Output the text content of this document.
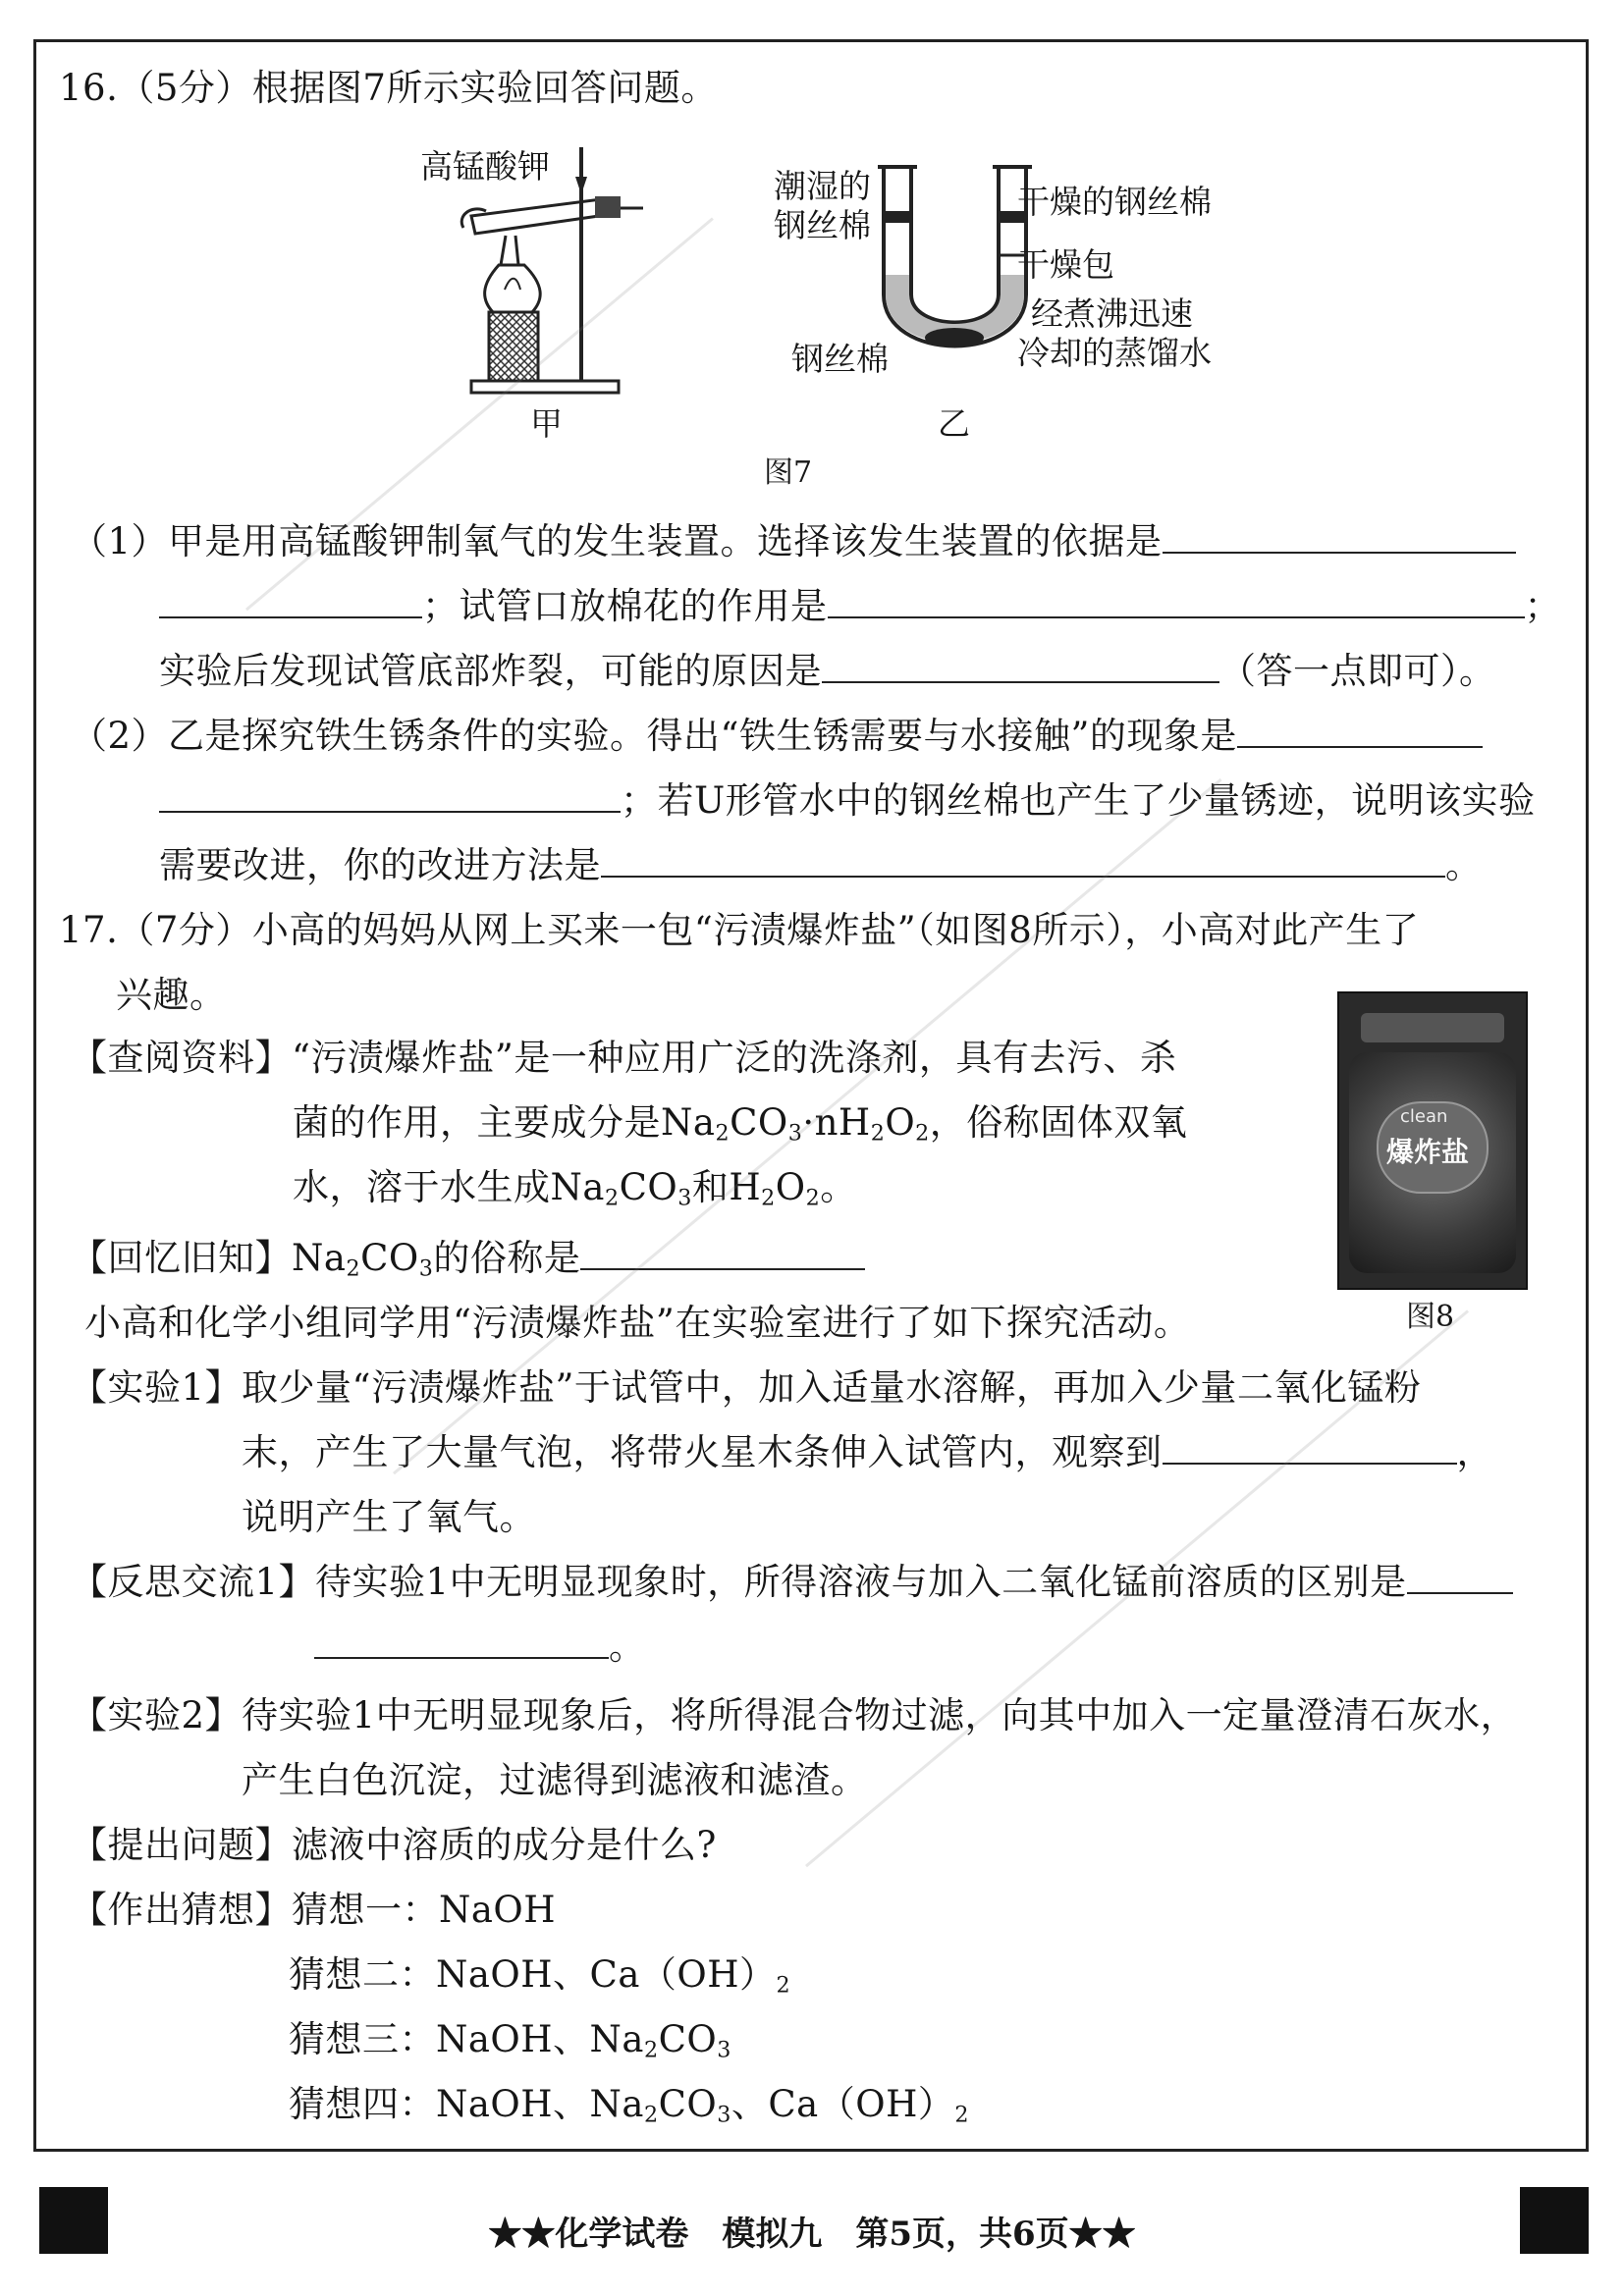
16.（5分）根据图7所示实验回答问题。
高锰酸钾
甲
潮湿的
钢丝棉
干燥的钢丝棉
干燥包
经煮沸迅速
冷却的蒸馏水
钢丝棉
乙
图7
（1）甲是用高锰酸钾制氧气的发生装置。选择该发生装置的依据是
；试管口放棉花的作用是	；
实验后发现试管底部炸裂，可能的原因是	（答一点即可）。
（2）乙是探究铁生锈条件的实验。得出“铁生锈需要与水接触”的现象是
；若U形管水中的钢丝棉也产生了少量锈迹，说明该实验
需要改进，你的改进方法是	。
17.（7分）小高的妈妈从网上买来一包“污渍爆炸盐”（如图8所示），小高对此产生了
兴趣。
clean
爆炸盐
图8
【查阅资料】“污渍爆炸盐”是一种应用广泛的洗涤剂，具有去污、杀
菌的作用，主要成分是$Na_2CO_3\cdot nH_2O_2$，俗称固体双氧
水，溶于水生成$Na_2CO_3$和$H_2O_2$。
【回忆旧知】$Na_2CO_3$的俗称是
小高和化学小组同学用“污渍爆炸盐”在实验室进行了如下探究活动。
【实验1】取少量“污渍爆炸盐”于试管中，加入适量水溶解，再加入少量二氧化锰粉
末，产生了大量气泡，将带火星木条伸入试管内，观察到	，
说明产生了氧气。
【反思交流1】待实验1中无明显现象时，所得溶液与加入二氧化锰前溶质的区别是
。
【实验2】待实验1中无明显现象后，将所得混合物过滤，向其中加入一定量澄清石灰水，
产生白色沉淀，过滤得到滤液和滤渣。
【提出问题】滤液中溶质的成分是什么?
【作出猜想】猜想一：NaOH
猜想二：NaOH、$Ca(OH)_2$
猜想三：NaOH、$Na_2CO_3$
猜想四：NaOH、$Na_2CO_3$、$Ca(OH)_2$
★★化学试卷　模拟九　第5页，共6页★★
